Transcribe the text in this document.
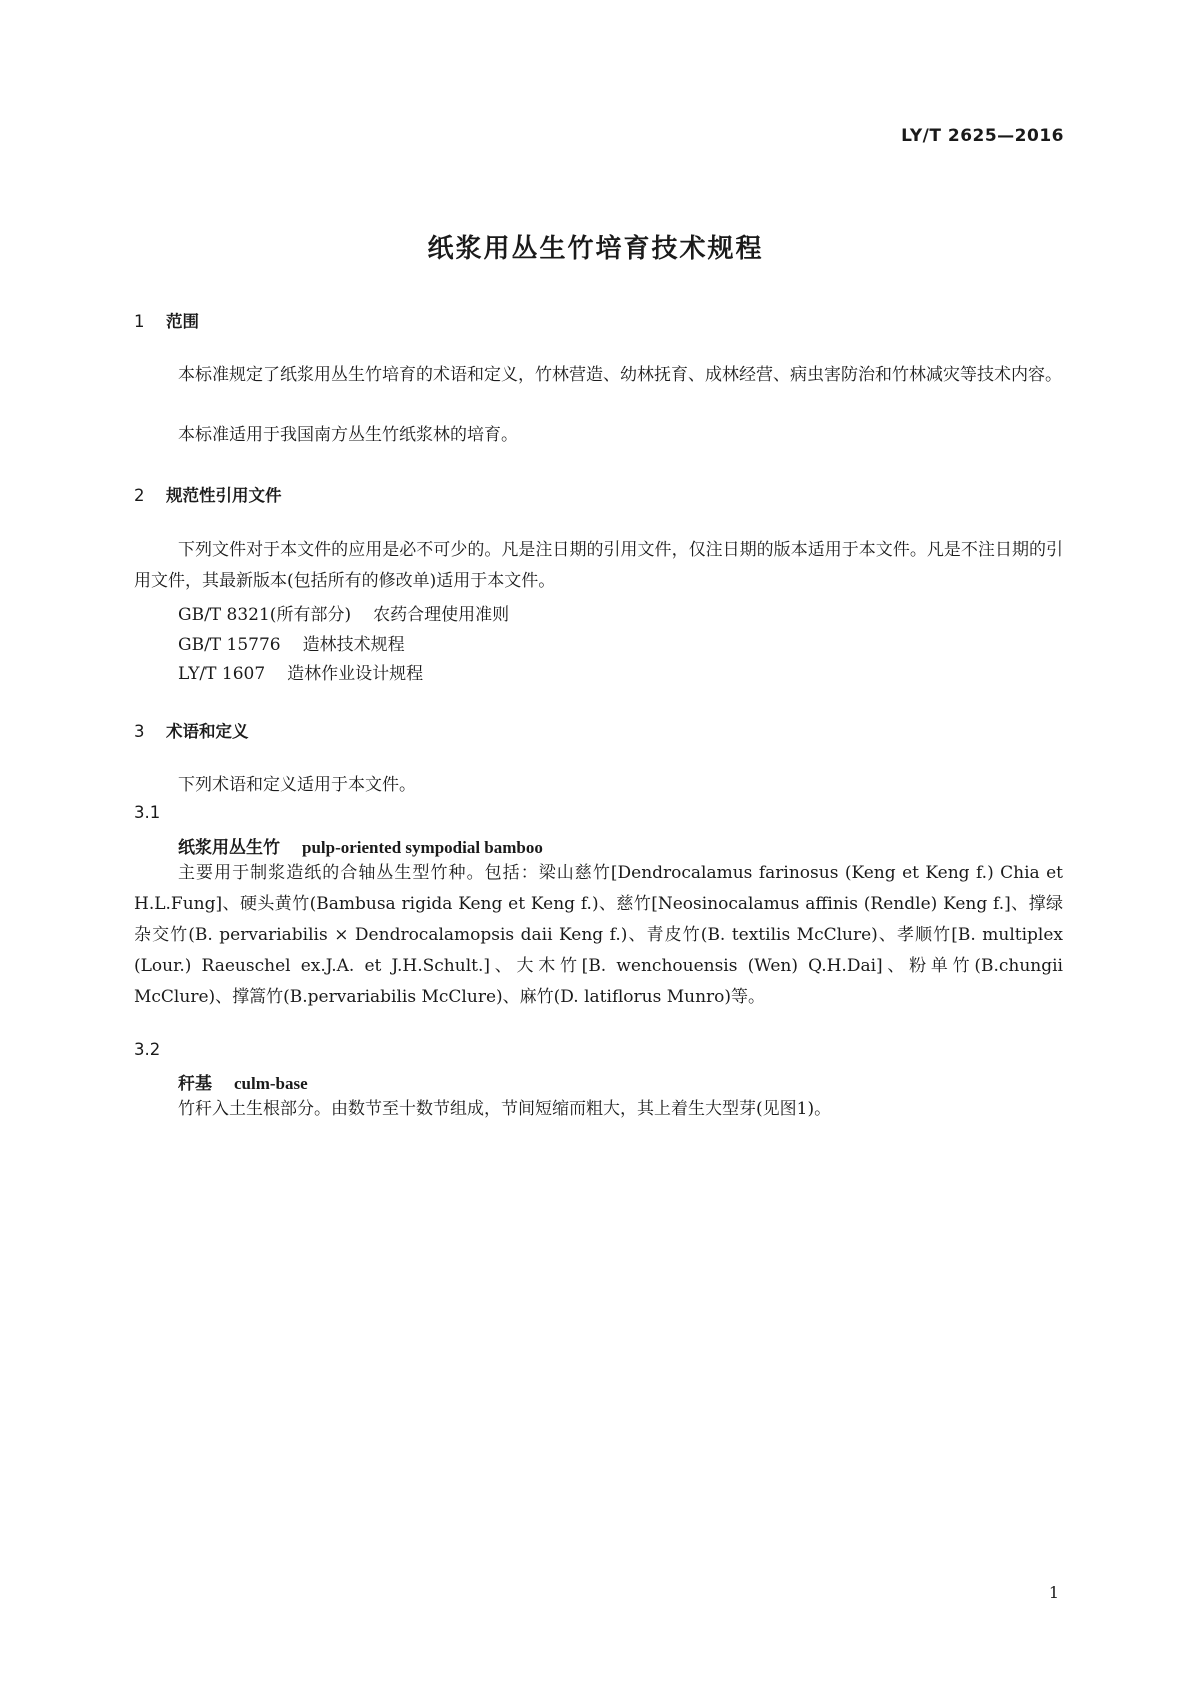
LY/T 2625—2016
纸浆用丛生竹培育技术规程
1 范围
本标准规定了纸浆用丛生竹培育的术语和定义，竹林营造、幼林抚育、成林经营、病虫害防治和竹林减灾等技术内容。
本标准适用于我国南方丛生竹纸浆林的培育。
2 规范性引用文件
下列文件对于本文件的应用是必不可少的。凡是注日期的引用文件，仅注日期的版本适用于本文件。凡是不注日期的引用文件，其最新版本(包括所有的修改单)适用于本文件。
GB/T 8321(所有部分) 农药合理使用准则
GB/T 15776 造林技术规程
LY/T 1607 造林作业设计规程
3 术语和定义
下列术语和定义适用于本文件。
3.1
纸浆用丛生竹 pulp-oriented sympodial bamboo
主要用于制浆造纸的合轴丛生型竹种。包括：梁山慈竹[Dendrocalamus farinosus (Keng et Keng f.) Chia et H.L.Fung]、硬头黄竹(Bambusa rigida Keng et Keng f.)、慈竹[Neosinocalamus affinis (Rendle) Keng f.]、撑绿杂交竹(B. pervariabilis × Dendrocalamopsis daii Keng f.)、青皮竹(B. textilis McClure)、孝顺竹[B. multiplex (Lour.) Raeuschel ex.J.A. et J.H.Schult.]、大木竹[B. wenchouensis (Wen) Q.H.Dai]、粉单竹(B.chungii McClure)、撑篙竹(B.pervariabilis McClure)、麻竹(D. latiflorus Munro)等。
3.2
秆基 culm-base
竹秆入土生根部分。由数节至十数节组成，节间短缩而粗大，其上着生大型芽(见图1)。
1
